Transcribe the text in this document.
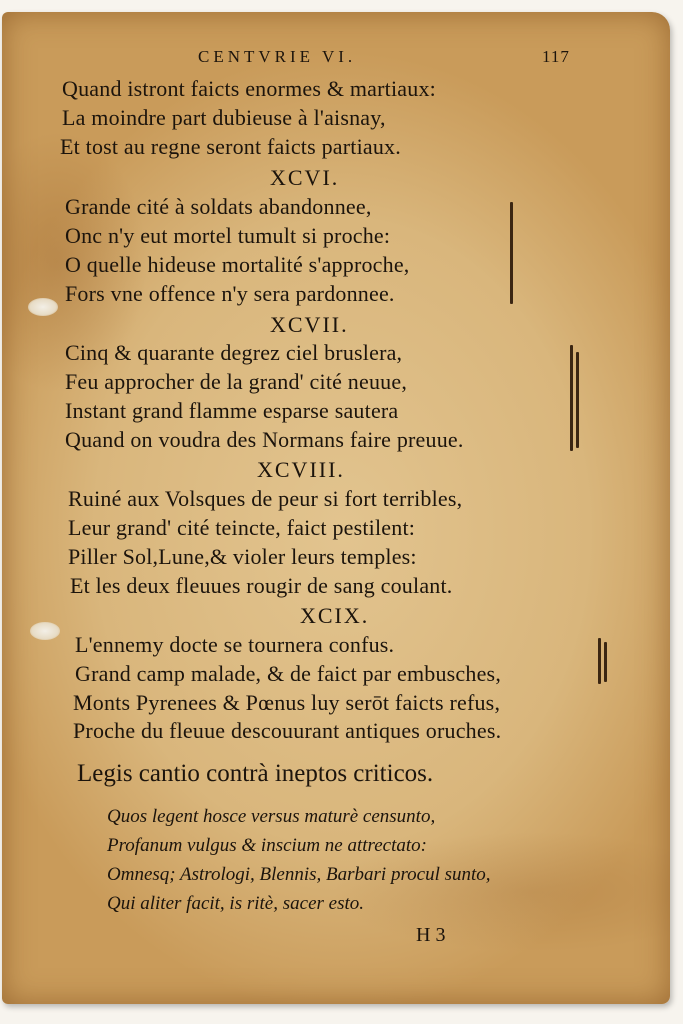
CENTVRIE VI.	117
Quand istront faicts enormes & martiaux:
La moindre part dubieuse à l'aisnay,
Et tost au regne seront faicts partiaux.
XCVI.
Grande cité à soldats abandonnee,
Onc n'y eut mortel tumult si proche:
O quelle hideuse mortalité s'approche,
Fors vne offence n'y sera pardonnee.
XCVII.
Cinq & quarante degrez ciel bruslera,
Feu approcher de la grand' cité neuue,
Instant grand flamme esparse sautera
Quand on voudra des Normans faire preuue.
XCVIII.
Ruiné aux Volsques de peur si fort terribles,
Leur grand' cité teincte, faict pestilent:
Piller Sol,Lune,& violer leurs temples:
Et les deux fleuues rougir de sang coulant.
XCIX.
L'ennemy docte se tournera confus.
Grand camp malade, & de faict par embusches,
Monts Pyrenees & Pœnus luy serōt faicts refus,
Proche du fleuue descouurant antiques oruches.
Legis cantio contrà ineptos criticos.
Quos legent hosce versus maturè censunto,
Profanum vulgus & inscium ne attrectato:
Omnesq; Astrologi, Blennis, Barbari procul sunto,
Qui aliter facit, is ritè, sacer esto.
H 3
